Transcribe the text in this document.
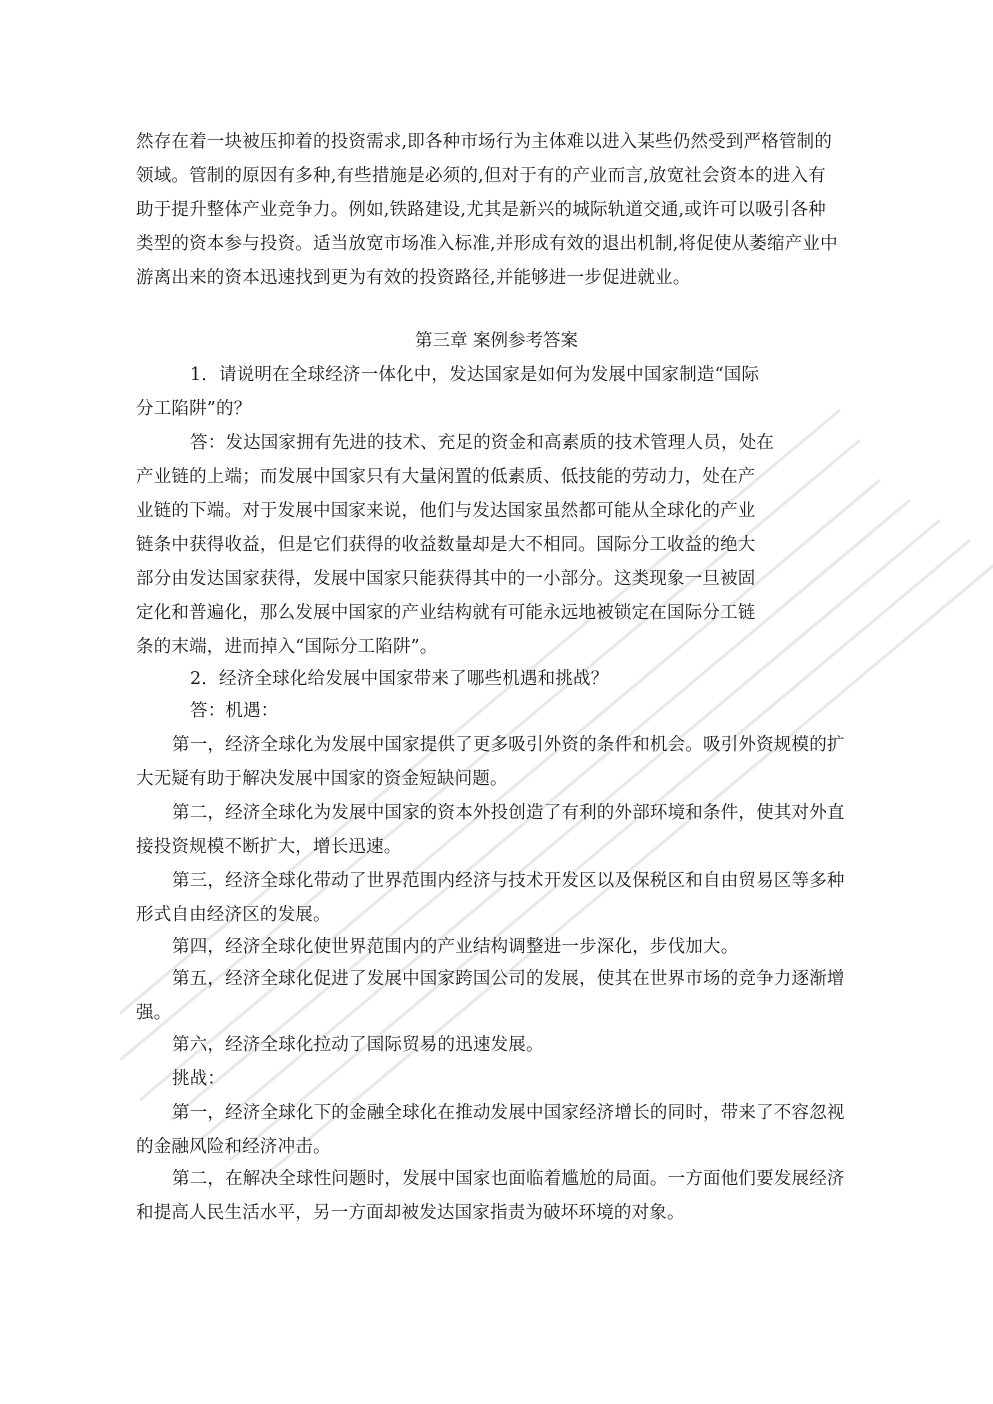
然存在着一块被压抑着的投资需求,即各种市场行为主体难以进入某些仍然受到严格管制的
领域。管制的原因有多种,有些措施是必须的,但对于有的产业而言,放宽社会资本的进入有
助于提升整体产业竞争力。例如,铁路建设,尤其是新兴的城际轨道交通,或许可以吸引各种
类型的资本参与投资。适当放宽市场准入标准,并形成有效的退出机制,将促使从萎缩产业中
游离出来的资本迅速找到更为有效的投资路径,并能够进一步促进就业。
第三章 案例参考答案
1．请说明在全球经济一体化中，发达国家是如何为发展中国家制造“国际
分工陷阱”的？
答：发达国家拥有先进的技术、充足的资金和高素质的技术管理人员，处在
产业链的上端；而发展中国家只有大量闲置的低素质、低技能的劳动力，处在产
业链的下端。对于发展中国家来说，他们与发达国家虽然都可能从全球化的产业
链条中获得收益，但是它们获得的收益数量却是大不相同。国际分工收益的绝大
部分由发达国家获得，发展中国家只能获得其中的一小部分。这类现象一旦被固
定化和普遍化，那么发展中国家的产业结构就有可能永远地被锁定在国际分工链
条的末端，进而掉入“国际分工陷阱”。
2．经济全球化给发展中国家带来了哪些机遇和挑战？
答：机遇：
第一，经济全球化为发展中国家提供了更多吸引外资的条件和机会。吸引外资规模的扩
大无疑有助于解决发展中国家的资金短缺问题。
第二，经济全球化为发展中国家的资本外投创造了有利的外部环境和条件，使其对外直
接投资规模不断扩大，增长迅速。
第三，经济全球化带动了世界范围内经济与技术开发区以及保税区和自由贸易区等多种
形式自由经济区的发展。
第四，经济全球化使世界范围内的产业结构调整进一步深化，步伐加大。
第五，经济全球化促进了发展中国家跨国公司的发展，使其在世界市场的竞争力逐渐增
强。
第六，经济全球化拉动了国际贸易的迅速发展。
挑战：
第一，经济全球化下的金融全球化在推动发展中国家经济增长的同时，带来了不容忽视
的金融风险和经济冲击。
第二，在解决全球性问题时，发展中国家也面临着尴尬的局面。一方面他们要发展经济
和提高人民生活水平，另一方面却被发达国家指责为破坏环境的对象。
